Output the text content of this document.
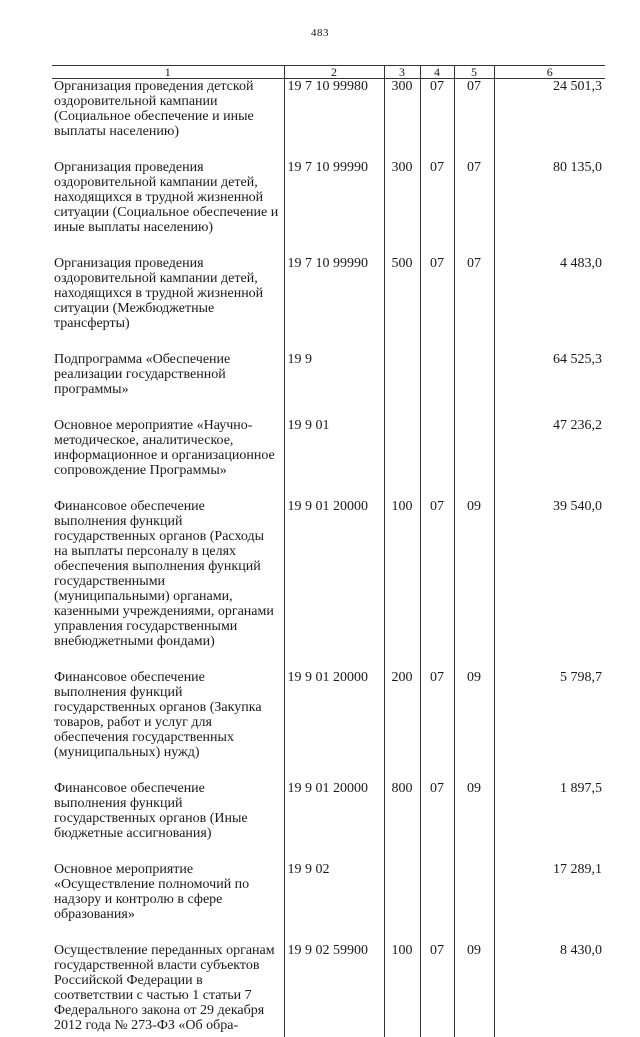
483
1	2	3	4	5	6
Организация проведения детской оздоровительной кампании (Социальное обеспечение и иные выплаты населению)	19 7 10 99980	300	07	07	24 501,3
Организация проведения оздоровительной кампании детей, находящихся в трудной жизненной ситуации (Социальное обеспечение и иные выплаты населению)	19 7 10 99990	300	07	07	80 135,0
Организация проведения оздоровительной кампании детей, находящихся в трудной жизненной ситуации (Межбюджетные трансферты)	19 7 10 99990	500	07	07	4 483,0
Подпрограмма «Обеспечение реализации государственной программы»	19 9				64 525,3
Основное мероприятие «Научно-методическое, аналитическое, информационное и организационное сопровождение Программы»	19 9 01				47 236,2
Финансовое обеспечение выполнения функций государственных органов (Расходы на выплаты персоналу в целях обеспечения выполнения функций государственными (муниципальными) органами, казенными учреждениями, органами управления государственными внебюджетными фондами)	19 9 01 20000	100	07	09	39 540,0
Финансовое обеспечение выполнения функций государственных органов (Закупка товаров, работ и услуг для обеспечения государственных (муниципальных) нужд)	19 9 01 20000	200	07	09	5 798,7
Финансовое обеспечение выполнения функций государственных органов (Иные бюджетные ассигнования)	19 9 01 20000	800	07	09	1 897,5
Основное мероприятие «Осуществление полномочий по надзору и контролю в сфере образования»	19 9 02				17 289,1
Осуществление переданных органам государственной власти субъектов Российской Федерации в соответствии с частью 1 статьи 7 Федерального закона от 29 декабря 2012 года № 273-ФЗ «Об обра-	19 9 02 59900	100	07	09	8 430,0
